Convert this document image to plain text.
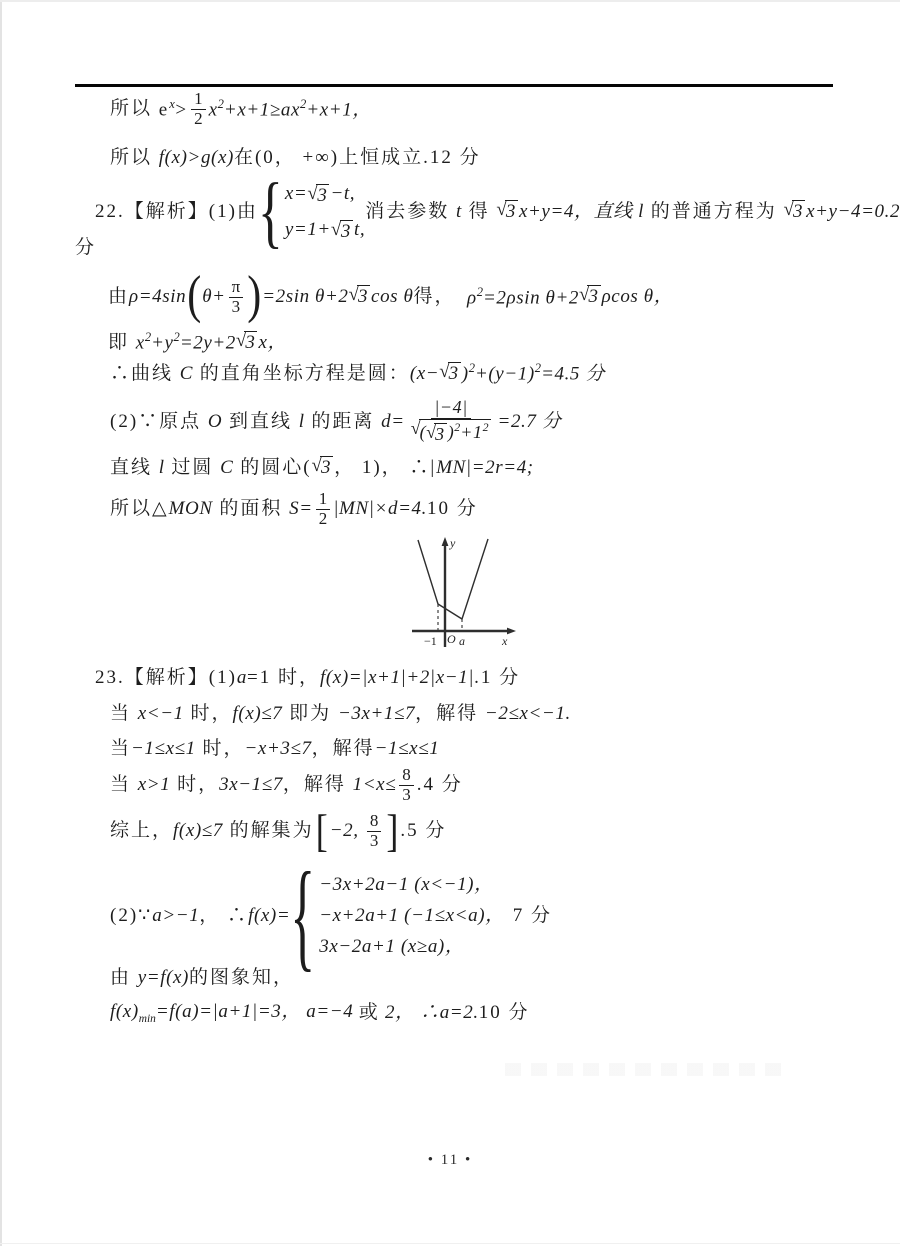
所以 $e^x> \frac{1}{2} x^2+x+1\ge ax^2+x+1$，
所以 f(x)>g(x) 在(0， +∞)上恒成立.12 分
22.【解析】(1)由 { x= √ 3 −t,
y=1+ √ 3 t,
消去参数 t 得 √ 3 x+y=4，直线 l 的普通方程为 √ 3 x+y−4=0.2
分
由 ρ=4sin ( $\theta+ \frac{\pi}{3}$ ) =2sin θ+2 √ 3 cos θ 得，  $\rho^2=2\rho\sin$ θ+2 √ 3 ρcos θ，
即 $x^2+y^2=2y+2$ √ 3 x，
∴曲线 C 的直角坐标方程是圆： (x− √ 3 )$^2+(y-1)^2=4.5$ 分
(2)∵原点 O 到直线 l 的距离 $d= \frac{|-4|}{√ ( √ 3 )^2+1^2} =2.7$ 分
直线 l 过圆 C 的圆心( √ 3 ， 1)， ∴| MN |=2 r =4;
所以△ MON 的面积 $S= \frac{1}{2} |MN|\times d=4$. 10 分
y
x
O
−1 a
23.【解析】(1) a =1 时， f(x)=|x+1|+2|x−1| .1 分
当 x<−1 时， f(x)≤7 即为 −3x+1≤7 ，解得 −2≤x<−1.
当 −1≤x≤1 时， −x+3≤7 ，解得 −1≤x≤1
当 x>1 时， 3x−1≤7 ，解得 $1<x\le \frac{8}{3} .4$ 分
综上， f(x)≤7 的解集为 [ −2, $\frac{8}{3}$ ] .5 分
(2)∵ a>−1 ， ∴ f(x)= { −3x+2a−1 (x<−1)，
−x+2a+1 (−1≤x<a)，
3x−2a+1 (x≥a)，
7 分
由 y=f(x) 的图象知，
$f(x)_{min}=f(a)=|a+1|=3$， a=−4 或 2， ∴a=2. 10 分
• 11 •
